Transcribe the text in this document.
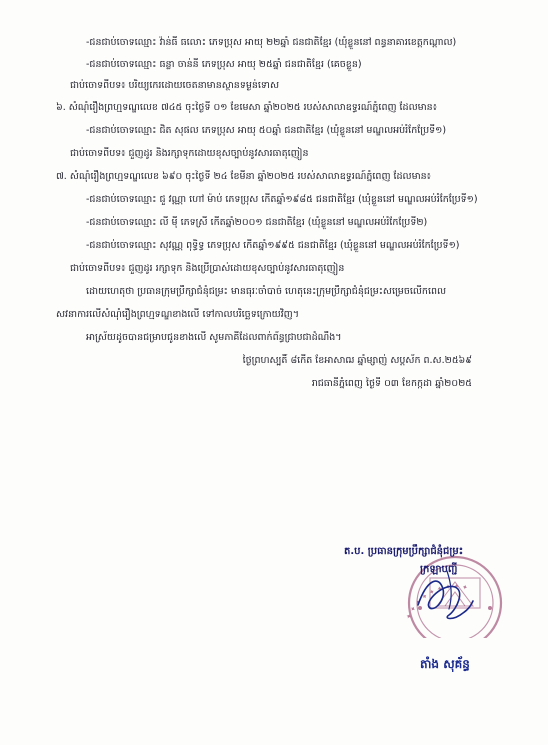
-ជនជាប់ចោទឈ្មោះ វ៉ាន់ធី ធលោះ ភេទប្រុស អាយុ ២២ឆ្នាំ ជនជាតិខ្មែរ (ឃុំខ្លួននៅ ពន្ធនាគារខេត្តកណ្ដាល)
-ជនជាប់ចោទឈ្មោះ ធន្លា ចាន់នី ភេទប្រុស អាយុ ២៥ឆ្នាំ ជនជាតិខ្មែរ (គេចខ្លួន)
ជាប់ចោទពីបទ៖ បរិយ្យកេរដោយចេតនាមានស្ថានទម្ងន់ទោស
៦. សំណុំរឿងព្រហ្មទណ្ឌលេខ ៧៤៥ ចុះថ្ងៃទី ០១ ខែមេសា ឆ្នាំ២០២៥ របស់សាលាឧទ្ធរណ៍ភ្នំពេញ ដែលមាន៖
-ជនជាប់ចោទឈ្មោះ ជិត សុផល ភេទប្រុស អាយុ ៥០ឆ្នាំ ជនជាតិខ្មែរ (ឃុំខ្លួននៅ មណ្ឌលអប់រំកែប្រែទី១)
ជាប់ចោទពីបទ៖ ជួញដូរ និងរក្សាទុកដោយខុសច្បាប់នូវសារធាតុញៀន
៧. សំណុំរឿងព្រហ្មទណ្ឌលេខ ៦៩០ ចុះថ្ងៃទី ២៤ ខែមីនា ឆ្នាំ២០២៥ របស់សាលាឧទ្ធរណ៍ភ្នំពេញ ដែលមាន៖
-ជនជាប់ចោទឈ្មោះ ជួ វណ្ណា ហៅ ម៉ាប់ ភេទប្រុស កើតឆ្នាំ១៩៨៥ ជនជាតិខ្មែរ (ឃុំខ្លួននៅ មណ្ឌលអប់រំកែប្រែទី១)
-ជនជាប់ចោទឈ្មោះ លី មុី ភេទស្រី កើតឆ្នាំ២០០១ ជនជាតិខ្មែរ (ឃុំខ្លួននៅ មណ្ឌលអប់រំកែប្រែទី២)
-ជនជាប់ចោទឈ្មោះ សុវណ្ណ ពុទ្ធិទ្ធ ភេទប្រុស កើតឆ្នាំ១៩៩៥ ជនជាតិខ្មែរ (ឃុំខ្លួននៅ មណ្ឌលអប់រំកែប្រែទី១)
ជាប់ចោទពីបទ៖ ជួញដូរ រក្សាទុក និងប្រើប្រាស់ដោយខុសច្បាប់នូវសារធាតុញៀន
ដោយហេតុថា ប្រធានក្រុមប្រឹក្សាជំនុំជម្រះ មានធុរៈចាំបាច់ ហេតុនេះក្រុមប្រឹក្សាជំនុំជម្រះសម្រេចលើកពេល
សវនាការលើសំណុំរឿងព្រហ្មទណ្ឌខាងលើ ទៅកាលបរិច្ឆេទក្រោយវិញ។
អាស្រ័យដូចបានជម្រាបជូនខាងលើ សូមភាគីដែលពាក់ព័ន្ធជ្រាបជាដំណឹង។
ថ្ងៃព្រហស្បតិ៍ ៨កើត ខែអាសាឍ ឆ្នាំម្សាញ់ សប្តស័ក ព.ស.២៥៦៩
រាជធានីភ្នំពេញ ថ្ងៃទី ០៣ ខែកក្កដា ឆ្នាំ២០២៥
✦ ✦ ✦ ✦ ✦ ✦ ✦ ✦ ✦
ត.ប. ប្រធានក្រុមប្រឹក្សាជំនុំជម្រះ
ក្រឡាបញ្ជី
តាំង សុគ័ន្ធ
